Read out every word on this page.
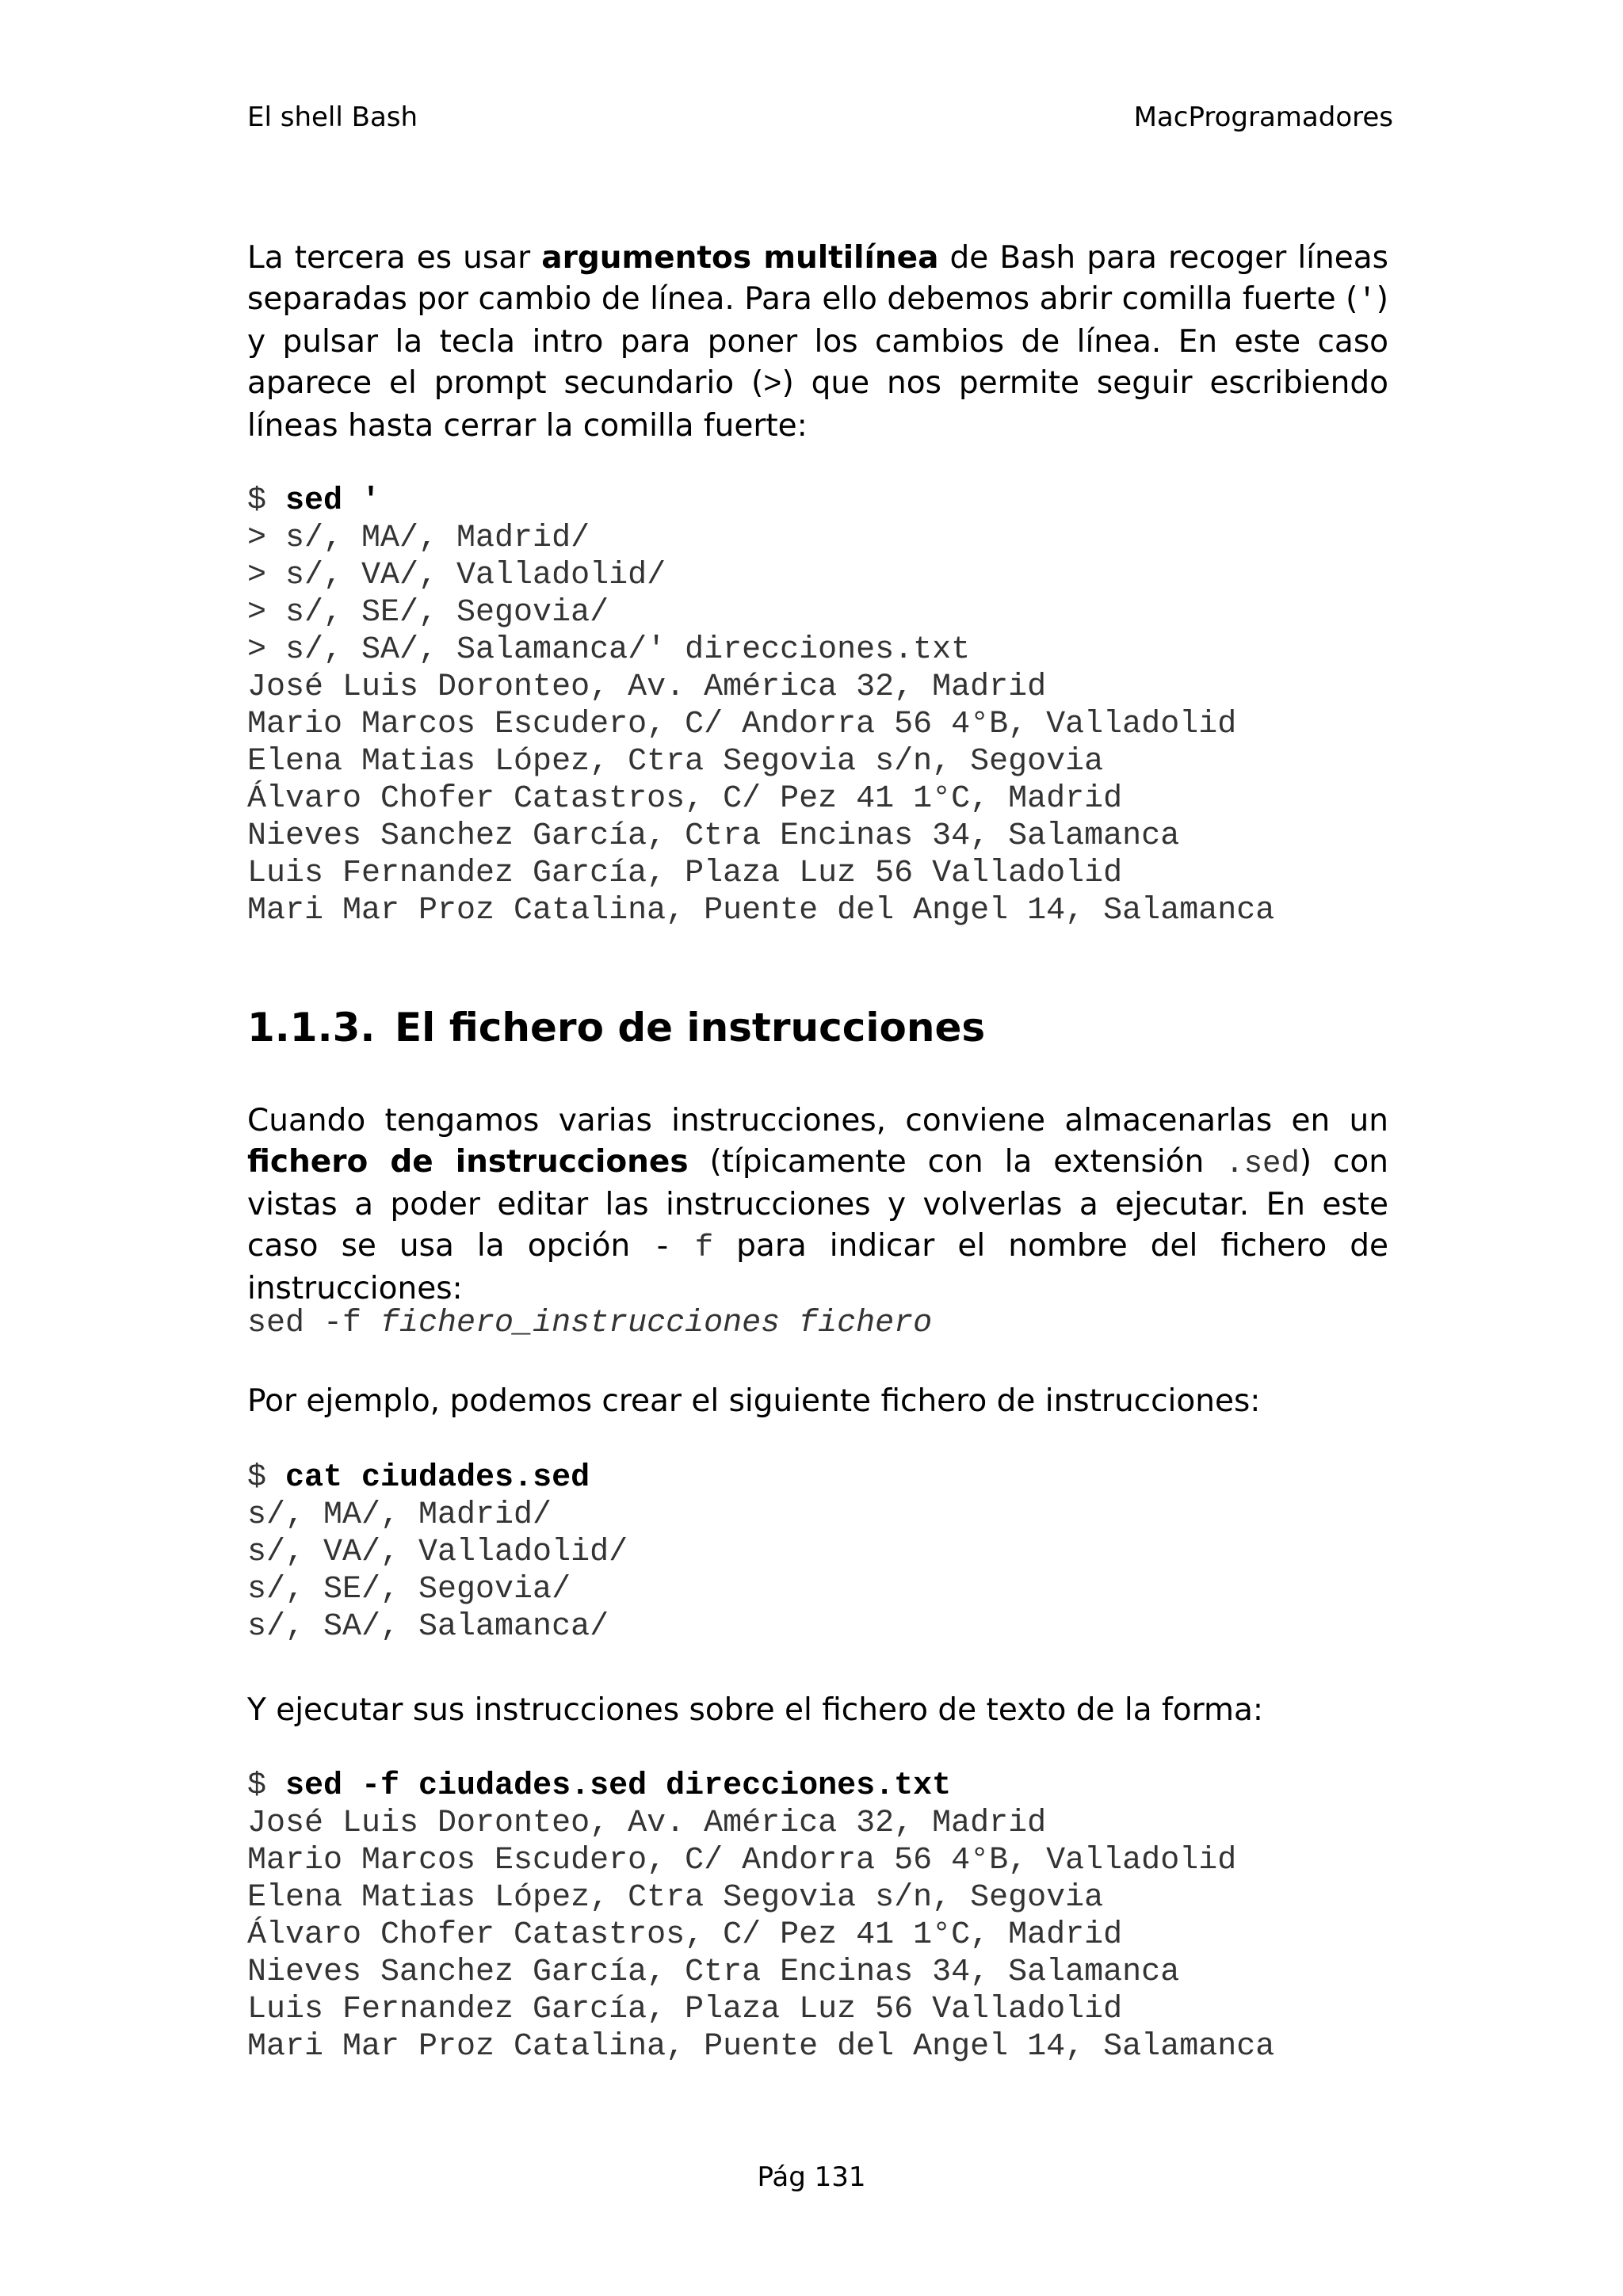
El shell Bash	MacProgramadores

La tercera es usar argumentos multilínea de Bash para recoger líneas separadas por cambio de línea. Para ello debemos abrir comilla fuerte (') y pulsar la tecla intro para poner los cambios de línea. En este caso aparece el prompt secundario (>) que nos permite seguir escribiendo líneas hasta cerrar la comilla fuerte:

$ sed '
> s/, MA/, Madrid/
> s/, VA/, Valladolid/
> s/, SE/, Segovia/
> s/, SA/, Salamanca/' direcciones.txt
José Luis Doronteo, Av. América 32, Madrid
Mario Marcos Escudero, C/ Andorra 56 4°B, Valladolid
Elena Matias López, Ctra Segovia s/n, Segovia
Álvaro Chofer Catastros, C/ Pez 41 1°C, Madrid
Nieves Sanchez García, Ctra Encinas 34, Salamanca
Luis Fernandez García, Plaza Luz 56 Valladolid
Mari Mar Proz Catalina, Puente del Angel 14, Salamanca
1.1.3. El fichero de instrucciones

Cuando tengamos varias instrucciones, conviene almacenarlas en un fichero de instrucciones (típicamente con la extensión .sed) con vistas a poder editar las instrucciones y volverlas a ejecutar. En este caso se usa la opción - f para indicar el nombre del fichero de instrucciones:

sed -f fichero_instrucciones fichero

Por ejemplo, podemos crear el siguiente fichero de instrucciones:

$ cat ciudades.sed
s/, MA/, Madrid/
s/, VA/, Valladolid/
s/, SE/, Segovia/
s/, SA/, Salamanca/

Y ejecutar sus instrucciones sobre el fichero de texto de la forma:

$ sed -f ciudades.sed direcciones.txt
José Luis Doronteo, Av. América 32, Madrid
Mario Marcos Escudero, C/ Andorra 56 4°B, Valladolid
Elena Matias López, Ctra Segovia s/n, Segovia
Álvaro Chofer Catastros, C/ Pez 41 1°C, Madrid
Nieves Sanchez García, Ctra Encinas 34, Salamanca
Luis Fernandez García, Plaza Luz 56 Valladolid
Mari Mar Proz Catalina, Puente del Angel 14, Salamanca
Pág 131
